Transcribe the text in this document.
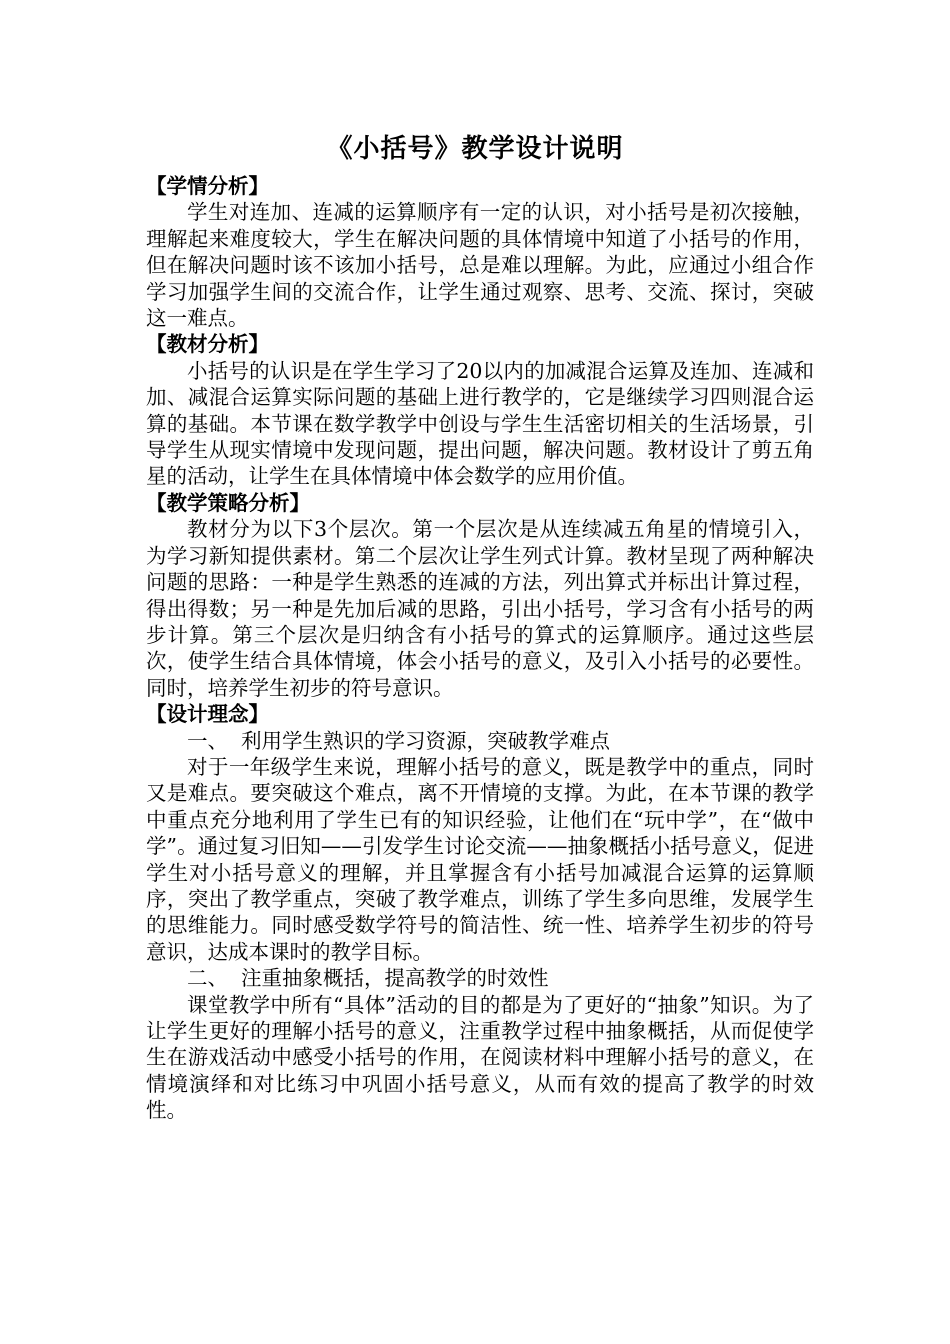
《小括号》教学设计说明
【学情分析】

学生对连加、连减的运算顺序有一定的认识，对小括号是初次接触，理解起来难度较大，学生在解决问题的具体情境中知道了小括号的作用，但在解决问题时该不该加小括号，总是难以理解。为此，应通过小组合作学习加强学生间的交流合作，让学生通过观察、思考、交流、探讨，突破这一难点。

【教材分析】

小括号的认识是在学生学习了20以内的加减混合运算及连加、连减和加、减混合运算实际问题的基础上进行教学的，它是继续学习四则混合运算的基础。本节课在数学教学中创设与学生生活密切相关的生活场景，引导学生从现实情境中发现问题，提出问题，解决问题。教材设计了剪五角星的活动，让学生在具体情境中体会数学的应用价值。

【教学策略分析】

教材分为以下3个层次。第一个层次是从连续减五角星的情境引入，为学习新知提供素材。第二个层次让学生列式计算。教材呈现了两种解决问题的思路：一种是学生熟悉的连减的方法，列出算式并标出计算过程，得出得数；另一种是先加后减的思路，引出小括号，学习含有小括号的两步计算。第三个层次是归纳含有小括号的算式的运算顺序。通过这些层次，使学生结合具体情境，体会小括号的意义，及引入小括号的必要性。同时，培养学生初步的符号意识。

【设计理念】
一、  利用学生熟识的学习资源，突破教学难点

对于一年级学生来说，理解小括号的意义，既是教学中的重点，同时又是难点。要突破这个难点，离不开情境的支撑。为此，在本节课的教学中重点充分地利用了学生已有的知识经验，让他们在“玩中学”，在“做中学”。通过复习旧知——引发学生讨论交流——抽象概括小括号意义，促进学生对小括号意义的理解，并且掌握含有小括号加减混合运算的运算顺序，突出了教学重点，突破了教学难点，训练了学生多向思维，发展学生的思维能力。同时感受数学符号的简洁性、统一性、培养学生初步的符号意识，达成本课时的教学目标。

二、  注重抽象概括，提高教学的时效性

课堂教学中所有“具体”活动的目的都是为了更好的“抽象”知识。为了让学生更好的理解小括号的意义，注重教学过程中抽象概括，从而促使学生在游戏活动中感受小括号的作用，在阅读材料中理解小括号的意义，在情境演绎和对比练习中巩固小括号意义，从而有效的提高了教学的时效性。
